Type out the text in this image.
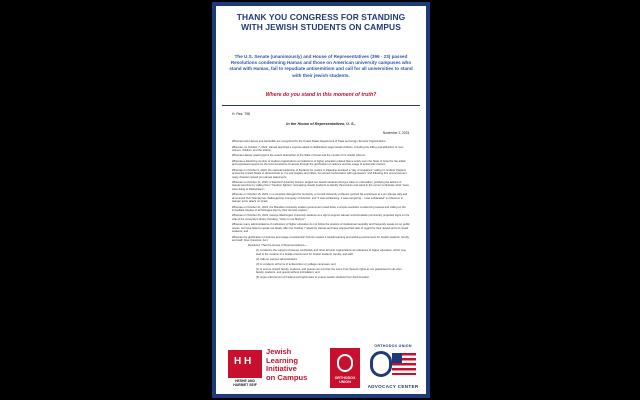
THANK YOU CONGRESS FOR STANDING
WITH JEWISH STUDENTS ON CAMPUS
The U.S. Senate (unanimously) and House of Representatives (396 - 23) passed Resolutions condemning Hamas and those on American university campuses who stand with Hamas, fail to repudiate antisemitism and call for all universities to stand with their jewish students.
Where do you stand in this moment of truth?
H. Res. 798
In the House of Representatives, U. S.,
November 2, 2023.

Whereas both Hamas and Hezbollah are recognized by the United States Department of State as Foreign Terrorist Organizations;

Whereas, on October 7, 2023, Hamas launched a surprise attack to deliberately target Israeli civilians, including the killing and abduction of men, women, children, and the elderly;

Whereas Hamas' stated goal is the violent destruction of the State of Israel and the murder of its Jewish citizens;

Whereas a disturbing number of student organizations at institutions of higher education placed blame solely upon the State of Israel for the attack and expressed support for the terrorist actions of Hamas through the glorification of violence and the usage of antisemitic rhetoric;

Whereas on October 9, 2023, the national leadership of Students for Justice in Palestine declared a "day of resistance" calling on student chapters across the United States to demonstrate to "not just slogans and rallies, but armed confrontation with oppressors" and following this announcement many chapters issued pro-Hamas statements;

Whereas on October 11, 2023, a Stanford University lecturer singled out Jewish students during a class on colonialism, justifying the actions of Hamas terrorists by calling them "freedom fighters" and asking Jewish students to identify themselves and stand in the corner to illustrate what "Jews were doing to Palestinians";

Whereas on October 15, 2023, in a complete disregard for humanity, a Cornell University professor gushed his excitement at a pro-Hamas rally and announced that "Hamas has challenged the monopoly of violence" and "it was exhilarating. It was energizing... I was exhilarated" in reference to Hamas' terror attack on Israel;

Whereas on October 21, 2023, the Brandeis University student government voted down a simple resolution condemning Hamas and calling on the immediate release of all hostages kept by their terrorist captors;

Whereas on October 24, 2023, George Washington University students at a vigil to support Hamas' terrorist attack prominently projected signs on the side of the university's library including, "Glory to our Martyrs";

Whereas many administrations of institutions of higher education do not follow the practice of institutional neutrality and frequently speak out on public issues, but have failed to speak out clearly after the October 7 attack by Hamas and have stopped their lack of regard for their Jewish and pro-Israeli students; and

Whereas the glorification of violence and usage of antisemitic rhetoric creates a hostile learning and working environment for Jewish students, faculty, and staff: Now, therefore, be it

Resolved, That the House of Representatives—

(1) condemns the support of Hamas, Hezbollah, and other terrorist organizations at institutions of higher education, which may lead to the creation of a hostile environment for Jewish students, faculty, and staff;
(2) calls on campus administrators
(3) to condemn all forms of antisemitism on college campuses; and
(4) to ensure Jewish faculty, students, and guests can exercise the same Free Speech rights as are guaranteed to all other faculty, students, and guests without intimidation; and
(5) urges enforcement of Federal civil rights laws to protect Jewish students from discrimination.
H H
HESHE AND
HARBIET SEIF
Jewish
Learning
Initiative
on Campus	ORTHODOX
UNION
ORTHODOX UNION
ADVOCACY CENTER
